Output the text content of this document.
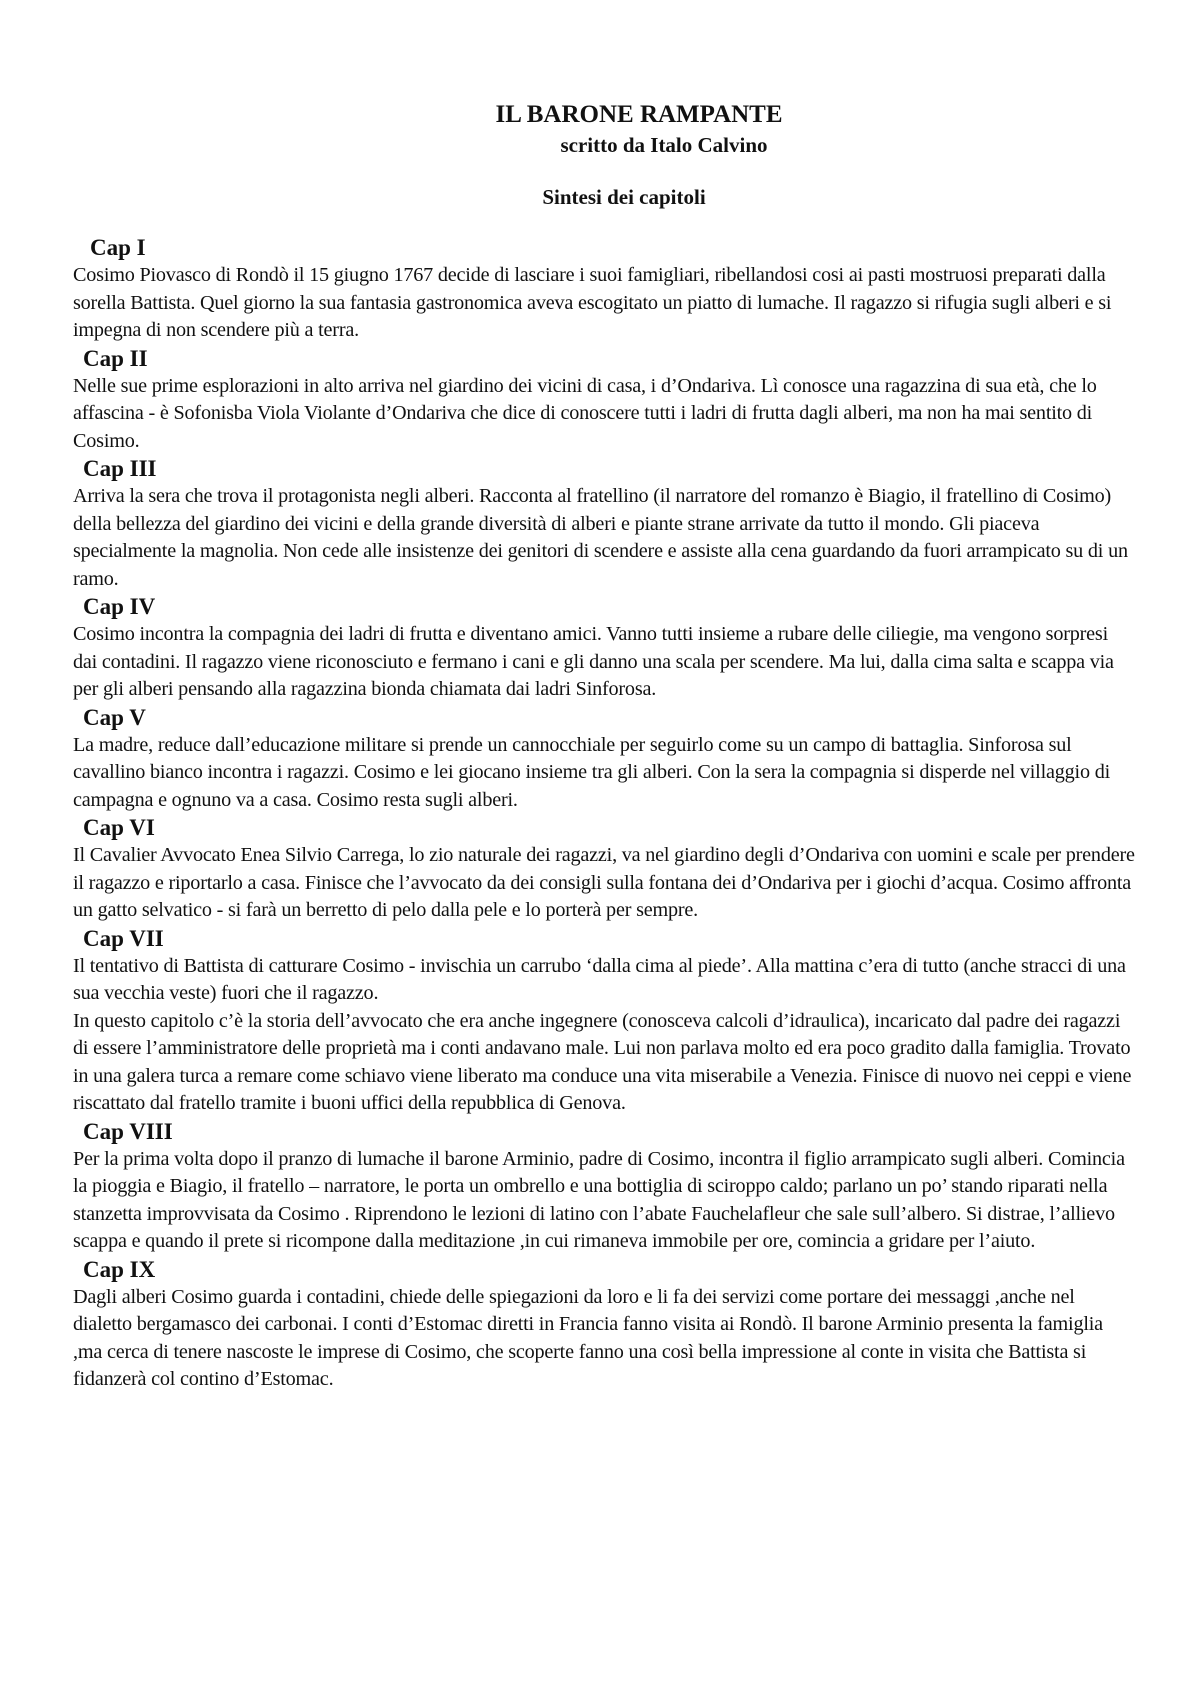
IL BARONE RAMPANTE
scritto da Italo Calvino
Sintesi dei capitoli
Cap I

Cosimo Piovasco di Rondò il 15 giugno 1767 decide di lasciare i suoi famigliari, ribellandosi cosi ai pasti mostruosi preparati dalla sorella Battista. Quel giorno la sua fantasia gastronomica aveva escogitato un piatto di lumache. Il ragazzo si rifugia sugli alberi e si impegna di non scendere più a terra.

Cap II

Nelle sue prime esplorazioni in alto arriva nel giardino dei vicini di casa, i d’Ondariva. Lì conosce una ragazzina di sua età, che lo affascina - è Sofonisba Viola Violante d’Ondariva che dice di conoscere tutti i ladri di frutta dagli alberi, ma non ha mai sentito di Cosimo.

Cap III

Arriva la sera che trova il protagonista negli alberi. Racconta al fratellino (il narratore del romanzo è Biagio, il fratellino di Cosimo) della bellezza del giardino dei vicini e della grande diversità di alberi e piante strane arrivate da tutto il mondo. Gli piaceva specialmente la magnolia. Non cede alle insistenze dei genitori di scendere e assiste alla cena guardando da fuori arrampicato su di un ramo.

Cap IV

Cosimo incontra la compagnia dei ladri di frutta e diventano amici. Vanno tutti insieme a rubare delle ciliegie, ma vengono sorpresi dai contadini. Il ragazzo viene riconosciuto e fermano i cani e gli danno una scala per scendere. Ma lui, dalla cima salta e scappa via per gli alberi pensando alla ragazzina bionda chiamata dai ladri Sinforosa.

Cap V

La madre, reduce dall’educazione militare si prende un cannocchiale per seguirlo come su un campo di battaglia. Sinforosa sul cavallino bianco incontra i ragazzi. Cosimo e lei giocano insieme tra gli alberi. Con la sera la compagnia si disperde nel villaggio di campagna e ognuno va a casa. Cosimo resta sugli alberi.

Cap VI

Il Cavalier Avvocato Enea Silvio Carrega, lo zio naturale dei ragazzi, va nel giardino degli d’Ondariva con uomini e scale per prendere il ragazzo e riportarlo a casa. Finisce che l’avvocato da dei consigli sulla fontana dei d’Ondariva per i giochi d’acqua. Cosimo affronta un gatto selvatico - si farà un berretto di pelo dalla pele e lo porterà per sempre.

Cap VII

Il tentativo di Battista di catturare Cosimo - invischia un carrubo ‘dalla cima al piede’. Alla mattina c’era di tutto (anche stracci di una sua vecchia veste) fuori che il ragazzo.

In questo capitolo c’è la storia dell’avvocato che era anche ingegnere (conosceva calcoli d’idraulica), incaricato dal padre dei ragazzi di essere l’amministratore delle proprietà ma i conti andavano male. Lui non parlava molto ed era poco gradito dalla famiglia. Trovato in una galera turca a remare come schiavo viene liberato ma conduce una vita miserabile a Venezia. Finisce di nuovo nei ceppi e viene riscattato dal fratello tramite i buoni uffici della repubblica di Genova.

Cap VIII

Per la prima volta dopo il pranzo di lumache il barone Arminio, padre di Cosimo, incontra il figlio arrampicato sugli alberi. Comincia la pioggia e Biagio, il fratello – narratore, le porta un ombrello e una bottiglia di sciroppo caldo; parlano un po’ stando riparati nella stanzetta improvvisata da Cosimo . Riprendono le lezioni di latino con l’abate Fauchelafleur che sale sull’albero. Si distrae, l’allievo scappa e quando il prete si ricompone dalla meditazione ,in cui rimaneva immobile per ore, comincia a gridare per l’aiuto.

Cap IX

Dagli alberi Cosimo guarda i contadini, chiede delle spiegazioni da loro e li fa dei servizi come portare dei messaggi ,anche nel dialetto bergamasco dei carbonai. I conti d’Estomac diretti in Francia fanno visita ai Rondò. Il barone Arminio presenta la famiglia ,ma cerca di tenere nascoste le imprese di Cosimo, che scoperte fanno una così bella impressione al conte in visita che Battista si fidanzerà col contino d’Estomac.
